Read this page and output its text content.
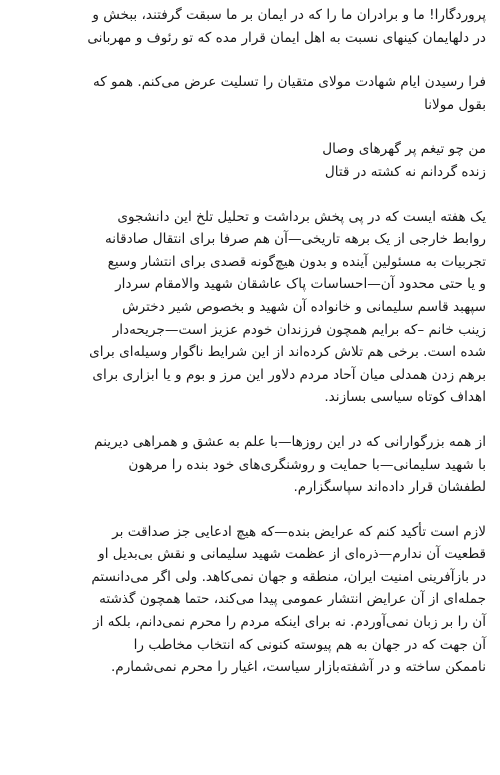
پروردگارا! ما و برادران ما را که در ایمان بر ما سبقت گرفتند، ببخش و
در دلهایمان کینهای نسبت به اهل ایمان قرار مده که تو رئوف و مهربانی
فرا رسیدن ایام شهادت مولای متقیان را تسلیت عرض می‌کنم. همو که
بقول مولانا
من چو تیغم پر گهرهای وصال
زنده گردانم نه کشته در قتال
یک هفته ایست که در پی پخش برداشت و تحلیل تلخ این دانشجوی
روابط خارجی از یک برهه تاریخی—آن هم صرفا برای انتقال صادقانه
تجربیات به مسئولین آینده و بدون هیچ‌گونه قصدی برای انتشار وسیع
و یا حتی محدود آن—احساسات پاک عاشقان شهید والامقام سردار
سپهبد قاسم سلیمانی و خانواده آن شهید و بخصوص شیر دخترش
زینب خانم –که برایم همچون فرزندان خودم عزیز است—جریحه‌دار
شده است. برخی هم تلاش کرده‌اند از این شرایط ناگوار وسیله‌ای برای
برهم زدن همدلی میان آحاد مردم دلاور این مرز و بوم و یا ابزاری برای
اهداف کوتاه سیاسی بسازند.
از همه بزرگوارانی که در این روزها—با علم به عشق و همراهی دیرینم
با شهید سلیمانی—با حمایت و روشنگری‌های خود بنده را مرهون
لطفشان قرار داده‌اند سپاسگزارم.
لازم است تأکید کنم که عرایض بنده—که هیچ ادعایی جز صداقت بر
قطعیت آن ندارم—ذره‌ای از عظمت شهید سلیمانی و نقش بی‌بدیل او
در بازآفرینی امنیت ایران، منطقه و جهان نمی‌کاهد. ولی اگر می‌دانستم
جمله‌ای از آن عرایض انتشار عمومی پیدا می‌کند، حتما همچون گذشته
آن را بر زبان نمی‌آوردم. نه برای اینکه مردم را محرم نمی‌دانم، بلکه از
آن جهت که در جهان به هم پیوسته کنونی که انتخاب مخاطب را
ناممکن ساخته و در آشفته‌بازار سیاست، اغیار را محرم نمی‌شمارم.
